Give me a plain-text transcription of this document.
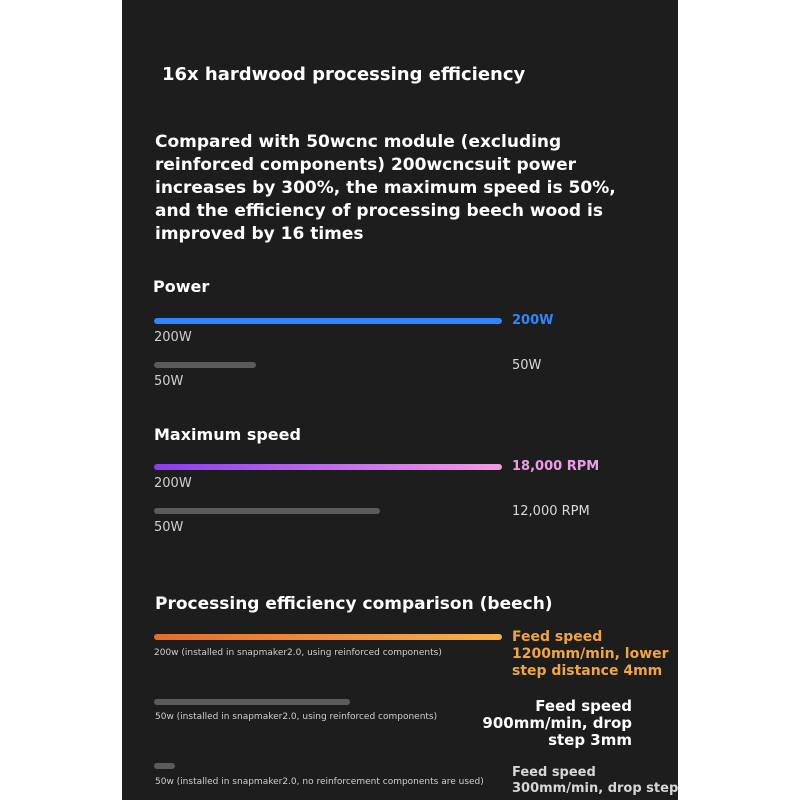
16x hardwood processing efficiency
Compared with 50wcnc module (excluding reinforced components) 200wcncsuit power increases by 300%, the maximum speed is 50%, and the efficiency of processing beech wood is improved by 16 times
Power
200W
200W
50W
50W
Maximum speed
18,000 RPM
200W
12,000 RPM
50W
Processing efficiency comparison (beech)
200w (installed in snapmaker2.0, using reinforced components)
Feed speed
1200mm/min, lower
step distance 4mm
50w (installed in snapmaker2.0, using reinforced components)
Feed speed
900mm/min, drop
step 3mm
50w (installed in snapmaker2.0, no reinforcement components are used)
Feed speed
300mm/min, drop step
